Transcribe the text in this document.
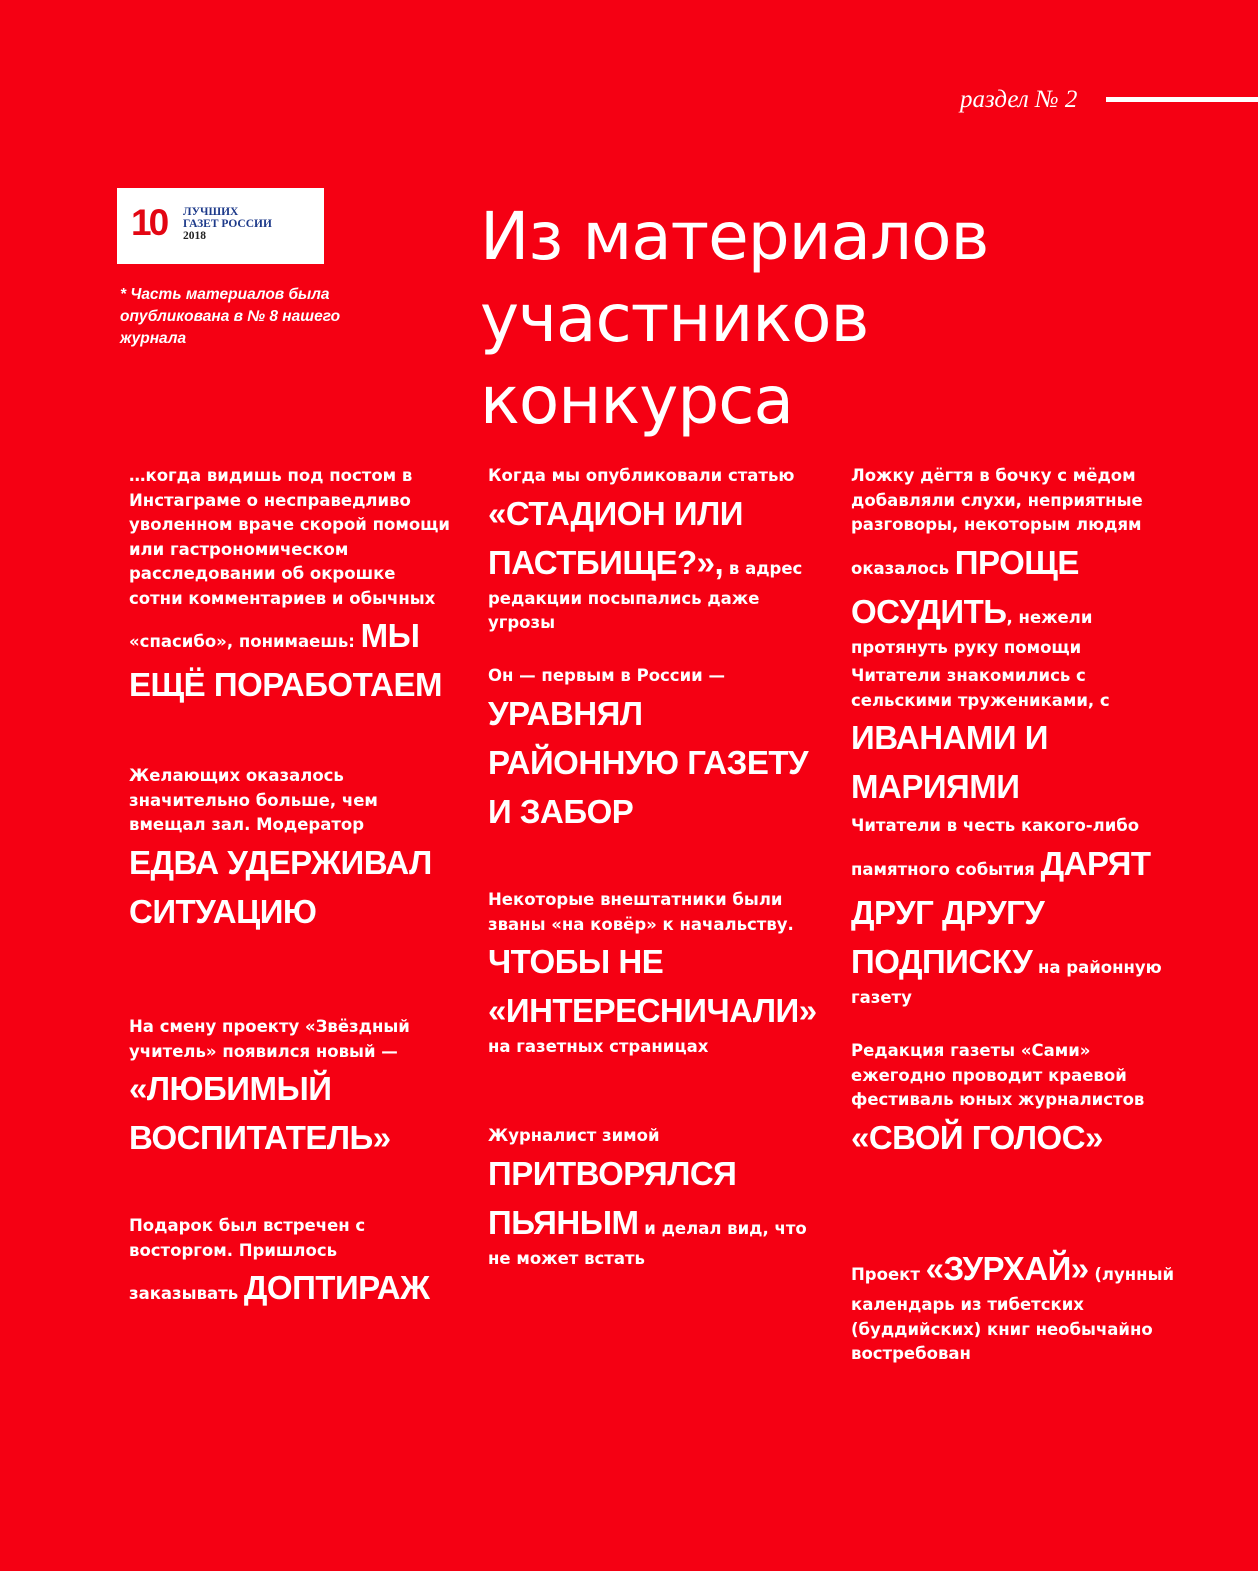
раздел № 2
10 ЛУЧШИХ
ГАЗЕТ РОССИИ
2018
* Часть материалов была опубликована в № 8 нашего журнала
Из материалов участников конкурса

…когда видишь под постом в Инстаграме о несправедливо уволенном враче скорой помощи или гастрономическом расследовании об окрошке сотни комментариев и обычных «спасибо», понимаешь: МЫ ЕЩЁ ПОРАБОТАЕМ

Желающих оказалось значительно больше, чем вмещал зал. Модератор ЕДВА УДЕРЖИВАЛ СИТУАЦИЮ

На смену проекту «Звёздный учитель» появился новый — «ЛЮБИМЫЙ ВОСПИТАТЕЛЬ»

Подарок был встречен с восторгом. Пришлось заказывать ДОПТИРАЖ

Когда мы опубликовали статью «СТАДИОН ИЛИ ПАСТБИЩЕ?», в адрес редакции посыпались даже угрозы

Он — первым в России — УРАВНЯЛ РАЙОННУЮ ГАЗЕТУ И ЗАБОР

Некоторые внештатники были званы «на ковёр» к начальству. ЧТОБЫ НЕ «ИНТЕРЕСНИЧАЛИ» на газетных страницах

Журналист зимой ПРИТВОРЯЛСЯ ПЬЯНЫМ и делал вид, что не может встать

Ложку дёгтя в бочку с мёдом добавляли слухи, неприятные разговоры, некоторым людям оказалось ПРОЩЕ ОСУДИТЬ, нежели протянуть руку помощи

Читатели знакомились с сельскими тружениками, с ИВАНАМИ И МАРИЯМИ

Читатели в честь какого-либо памятного события ДАРЯТ ДРУГ ДРУГУ ПОДПИСКУ на районную газету

Редакция газеты «Сами» ежегодно проводит краевой фестиваль юных журналистов «СВОЙ ГОЛОС»

Проект «ЗУРХАЙ» (лунный календарь из тибетских (буддийских) книг необычайно востребован
